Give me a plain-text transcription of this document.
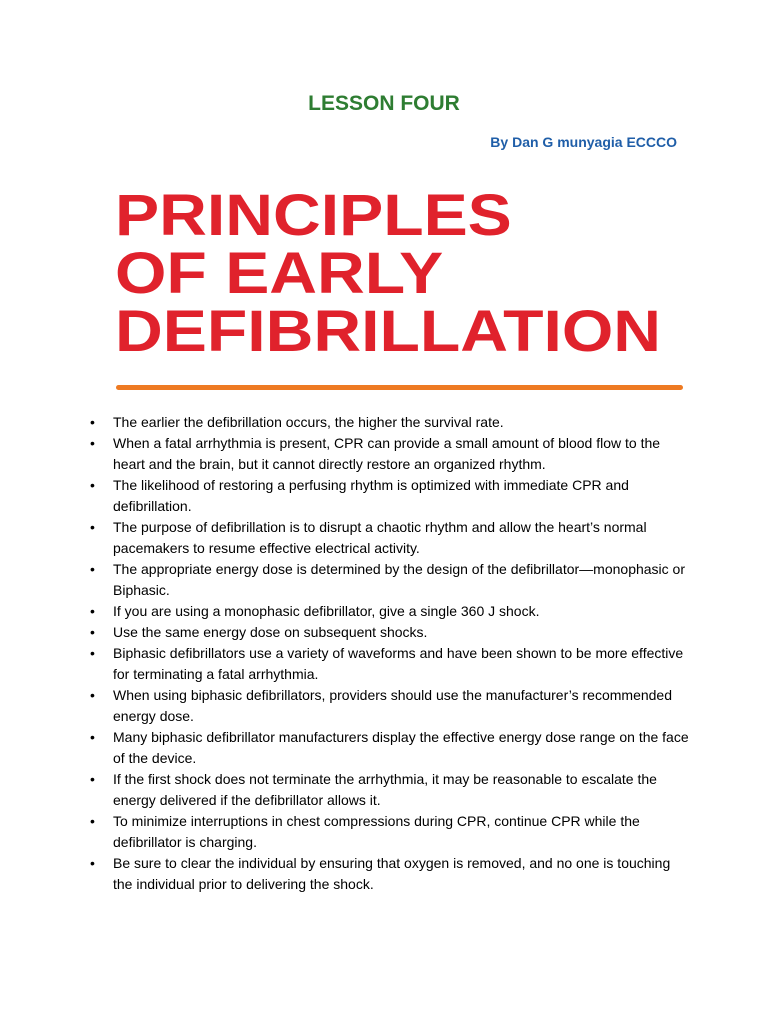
LESSON FOUR

By Dan G munyagia ECCCO

PRINCIPLES
OF EARLY
DEFIBRILLATION
• The earlier the defibrillation occurs, the higher the survival rate.
• When a fatal arrhythmia is present, CPR can provide a small amount of blood flow to the heart and the brain, but it cannot directly restore an organized rhythm.
• The likelihood of restoring a perfusing rhythm is optimized with immediate CPR and defibrillation.
• The purpose of defibrillation is to disrupt a chaotic rhythm and allow the heart’s normal pacemakers to resume effective electrical activity.
• The appropriate energy dose is determined by the design of the defibrillator—monophasic or Biphasic.
• If you are using a monophasic defibrillator, give a single 360 J shock.
• Use the same energy dose on subsequent shocks.
• Biphasic defibrillators use a variety of waveforms and have been shown to be more effective for terminating a fatal arrhythmia.
• When using biphasic defibrillators, providers should use the manufacturer’s recommended energy dose.
• Many biphasic defibrillator manufacturers display the effective energy dose range on the face of the device.
• If the first shock does not terminate the arrhythmia, it may be reasonable to escalate the energy delivered if the defibrillator allows it.
• To minimize interruptions in chest compressions during CPR, continue CPR while the defibrillator is charging.
• Be sure to clear the individual by ensuring that oxygen is removed, and no one is touching the individual prior to delivering the shock.
